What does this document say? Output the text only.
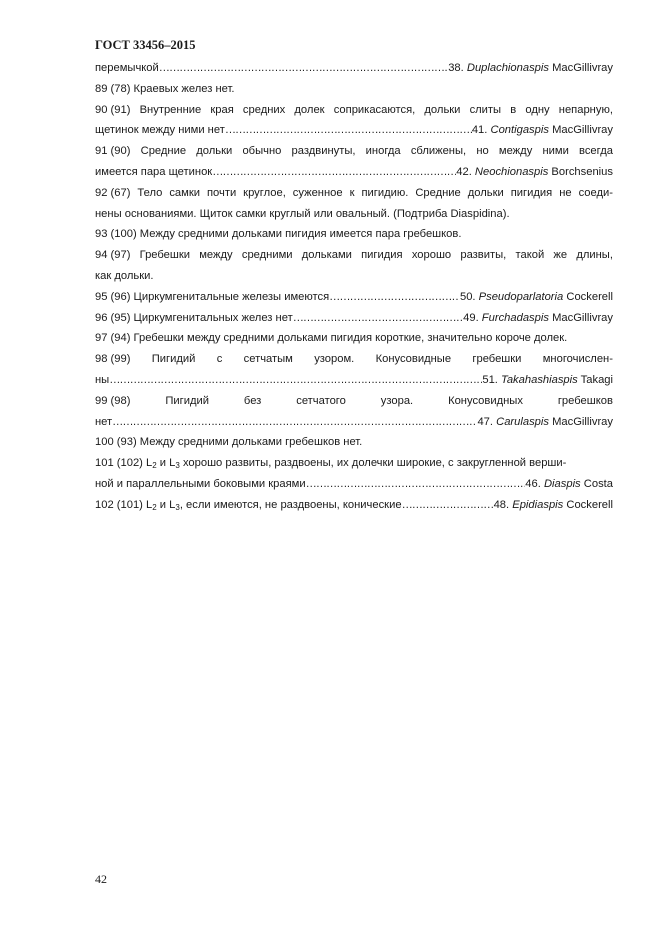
ГОСТ 33456–2015
перемычкой …………………………………………………………………………………………………………………………………	38. Duplachionaspis MacGillivray
89 (78) Краевых желез нет.
90 (91) Внутренние края средних долек соприкасаются, дольки слиты в одну непарную,
щетинок между ними нет …………………………………………………………………………………………………………………………………	41. Contigaspis MacGillivray
91 (90) Средние дольки обычно раздвинуты, иногда сближены, но между ними всегда
имеется пара щетинок …………………………………………………………………………………………………………………………………	42. Neochionaspis Borchsenius
92 (67) Тело самки почти круглое, суженное к пигидию. Средние дольки пигидия не соеди-
нены основаниями. Щиток самки круглый или овальный. (Подтриба Diaspidina).
93 (100) Между средними дольками пигидия имеется пара гребешков.
94 (97) Гребешки между средними дольками пигидия хорошо развиты, такой же длины,
как дольки.
95 (96) Циркумгенитальные железы имеются …………………………………………………………………………………………………………………………………	50. Pseudoparlatoria Cockerell
96 (95) Циркумгенитальных желез нет …………………………………………………………………………………………………………………………………	49. Furchadaspis MacGillivray
97 (94) Гребешки между средними дольками пигидия короткие, значительно короче долек.
98 (99) Пигидий с сетчатым узором. Конусовидные гребешки многочислен-
ны …………………………………………………………………………………………………………………………………	51. Takahashiaspis Takagi
99 (98)	Пигидий	без	сетчатого	узора.	Конусовидных	гребешков
нет …………………………………………………………………………………………………………………………………	47. Carulaspis MacGillivray
100 (93) Между средними дольками гребешков нет.
101 (102) $L_2$ и $L_3$ хорошо развиты, раздвоены, их долечки широкие, с закругленной верши-
ной и параллельными боковыми краями …………………………………………………………………………………………………………………………………	46. Diaspis Costa
102 (101) $L_2$ и $L_3$, если имеются, не раздвоены, конические …………………………………………………………………………………………………………………………………	48. Epidiaspis Cockerell
42
